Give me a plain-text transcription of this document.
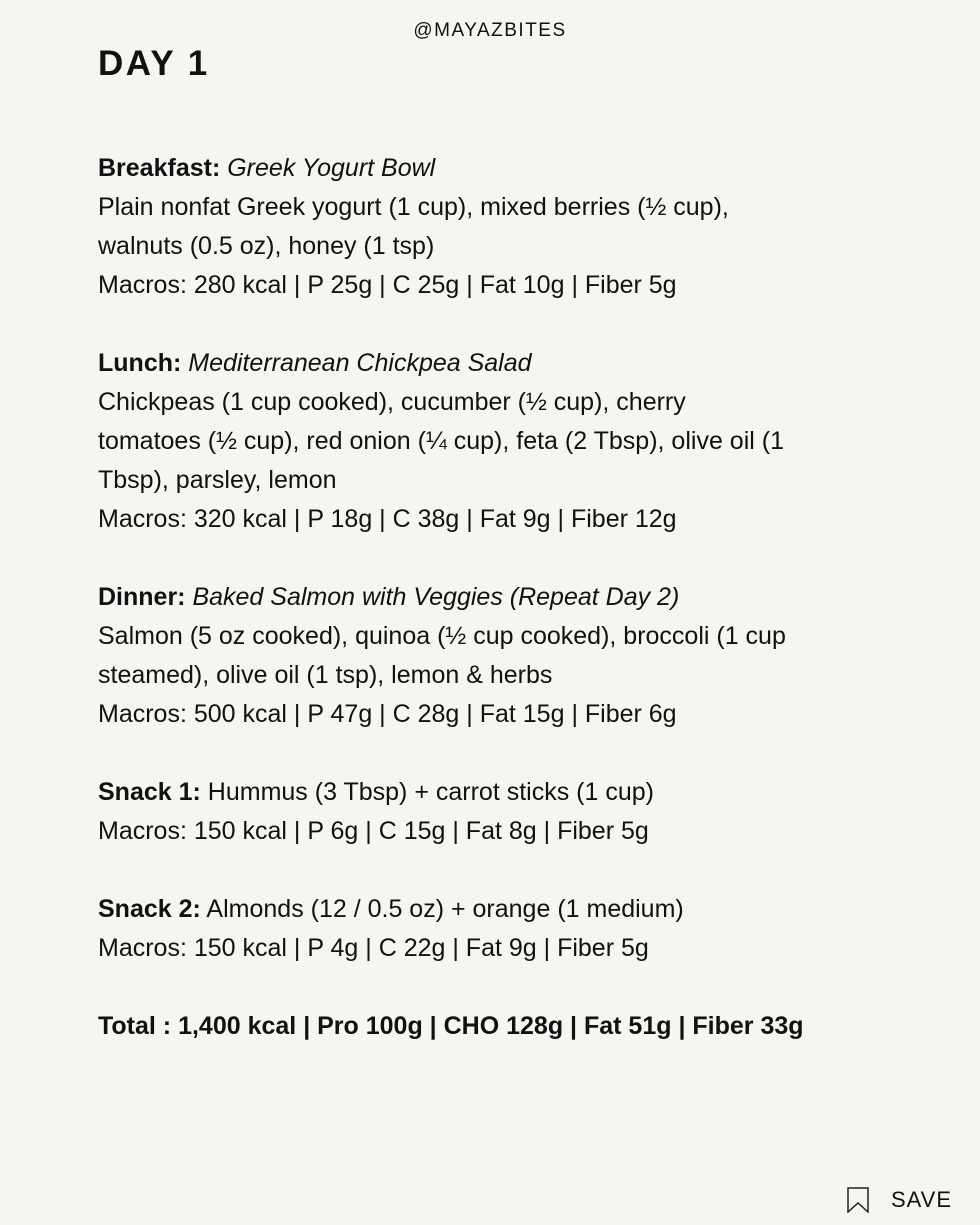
@MAYAZBITES
DAY 1
Breakfast: Greek Yogurt Bowl
Plain nonfat Greek yogurt (1 cup), mixed berries (½ cup),
walnuts (0.5 oz), honey (1 tsp)
Macros: 280 kcal | P 25g | C 25g | Fat 10g | Fiber 5g
Lunch: Mediterranean Chickpea Salad
Chickpeas (1 cup cooked), cucumber (½ cup), cherry
tomatoes (½ cup), red onion (¼ cup), feta (2 Tbsp), olive oil (1
Tbsp), parsley, lemon
Macros: 320 kcal | P 18g | C 38g | Fat 9g | Fiber 12g
Dinner: Baked Salmon with Veggies (Repeat Day 2)
Salmon (5 oz cooked), quinoa (½ cup cooked), broccoli (1 cup
steamed), olive oil (1 tsp), lemon & herbs
Macros: 500 kcal | P 47g | C 28g | Fat 15g | Fiber 6g
Snack 1: Hummus (3 Tbsp) + carrot sticks (1 cup)
Macros: 150 kcal | P 6g | C 15g | Fat 8g | Fiber 5g
Snack 2: Almonds (12 / 0.5 oz) + orange (1 medium)
Macros: 150 kcal | P 4g | C 22g | Fat 9g | Fiber 5g
Total : 1,400 kcal | Pro 100g | CHO 128g | Fat 51g | Fiber 33g
SAVE
